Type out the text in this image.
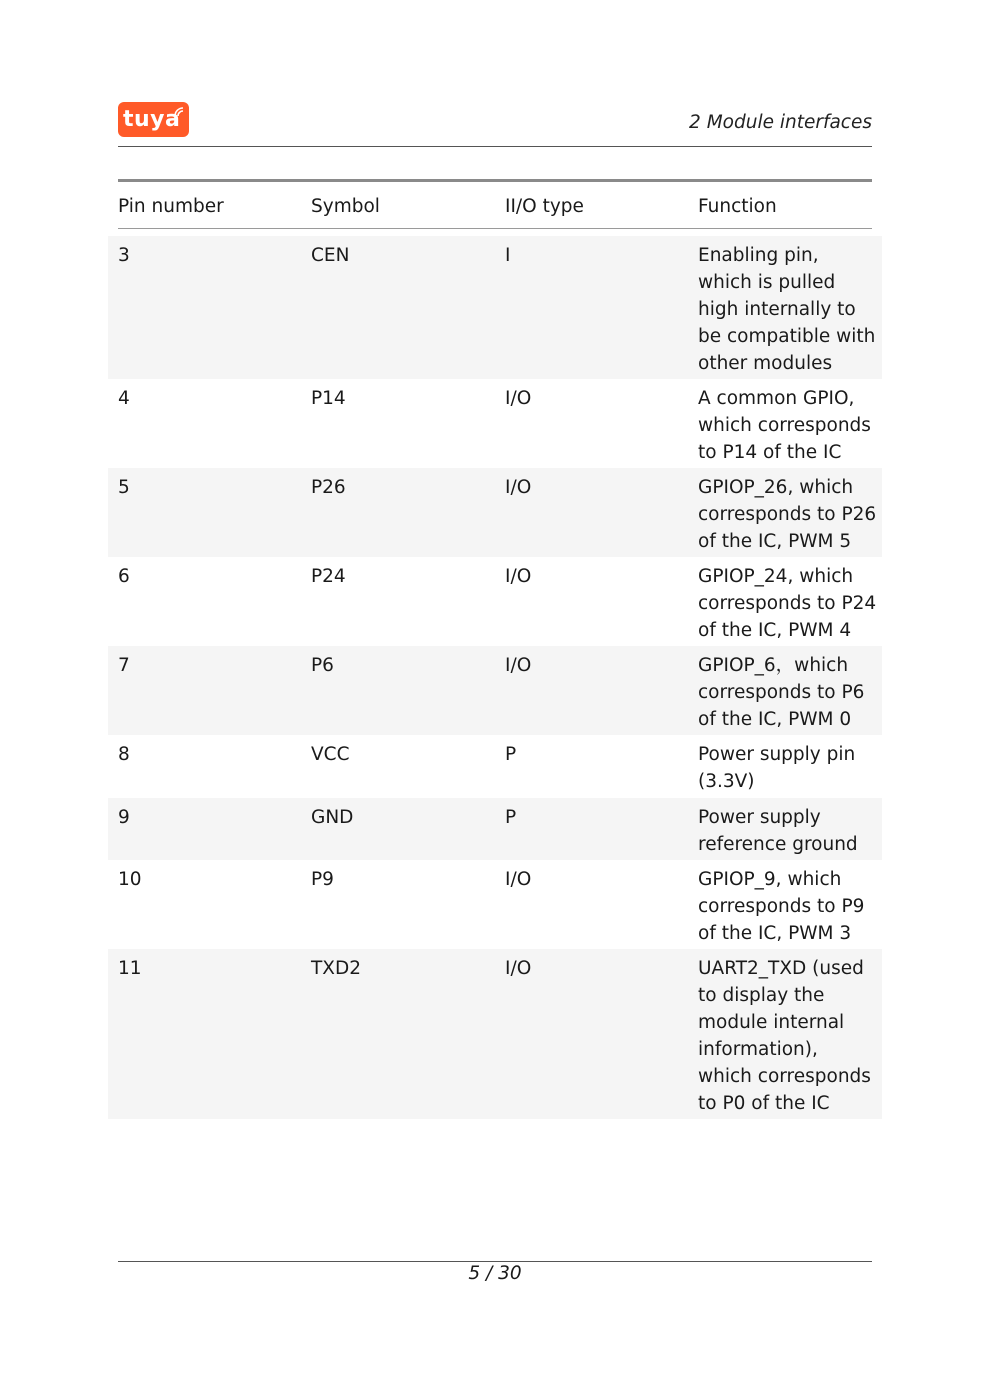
tuya	2 Module interfaces
Pin number	Symbol	II/O type	Function
3	CEN	I	Enabling pin,
which is pulled
high internally to
be compatible with
other modules
4	P14	I/O	A common GPIO,
which corresponds
to P14 of the IC
5	P26	I/O	GPIOP_26, which
corresponds to P26
of the IC, PWM 5
6	P24	I/O	GPIOP_24, which
corresponds to P24
of the IC, PWM 4
7	P6	I/O	GPIOP_6，which
corresponds to P6
of the IC, PWM 0
8	VCC	P	Power supply pin
(3.3V)
9	GND	P	Power supply
reference ground
10	P9	I/O	GPIOP_9, which
corresponds to P9
of the IC, PWM 3
11	TXD2	I/O	UART2_TXD (used
to display the
module internal
information),
which corresponds
to P0 of the IC
5 / 30
